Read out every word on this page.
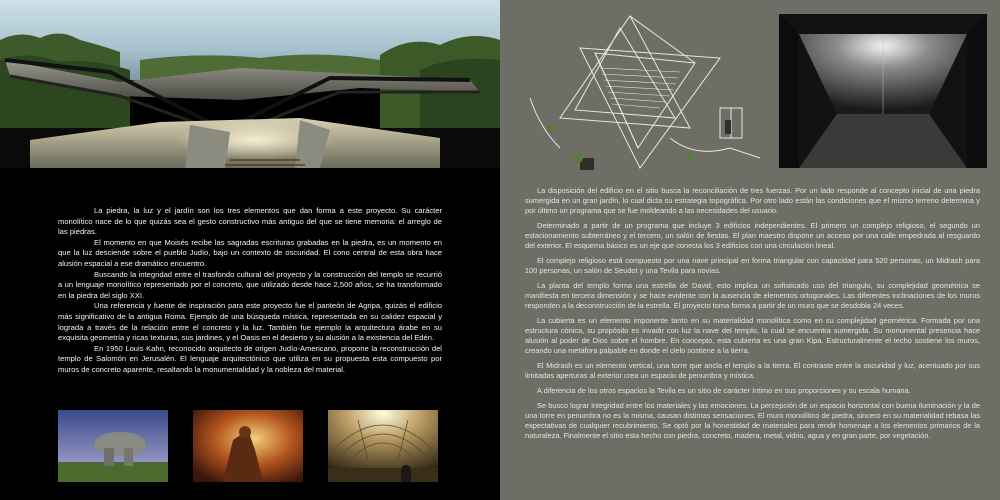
La piedra, la luz y el jardín son los tres elementos que dan forma a este proyecto. Su carácter monolítico nace de lo que quizás sea el gesto constructivo más antiguo del que se tiene memoria: el arreglo de las piedras.

El momento en que Moisés recibe las sagradas escrituras grabadas en la piedra, es un momento en que la luz desciende sobre el pueblo Judío, bajo un contexto de oscuridad. El cono central de esta obra hace alusión espacial a ese dramático encuentro.

Buscando la integridad entre el trasfondo cultural del proyecto y la construcción del templo se recurrió a un lenguaje monolítico representado por el concreto, que utilizado desde hace 2,500 años, se ha transformado en la piedra del siglo XXI.

Una referencia y fuente de inspiración para este proyecto fue el panteón de Agripa, quizás el edificio más significativo de la antigua Roma. Ejemplo de una búsqueda mística, representada en su calidez espacial y lograda a través de la relación entre el concreto y la luz. También fue ejemplo la arquitectura árabe en su exquisita geometría y ricas texturas, sus jardines, y el Oasis en el desierto y su alusión a la existencia del Edén.

En 1950 Louis Kahn, reconocido arquitecto de origen Judío-Americano, propone la reconstrucción del templo de Salomón en Jerusalén. El lenguaje arquitectónico que utiliza en su propuesta esta compuesto por muros de concreto aparente, resaltando la monumentalidad y la nobleza del material.

La disposición del edificio en el sitio busca la reconciliación de tres fuerzas. Por un lado responde al concepto inicial de una piedra sumergida en un gran jardín, lo cual dicta su estrategia topográfica. Por otro lado están las condiciones que el mismo terreno determina y por último un programa que se fue moldeando a las necesidades del usuario.

Determinado a partir de un programa que incluye 3 edificios independientes. El primero un complejo religioso, el segundo un estacionamiento subterráneo y el tercero, un salón de fiestas. El plan maestro dispone un acceso por una calle empedrada al resguardo del exterior. El esquema básico es un eje que conecta los 3 edificios con una circulación lineal.

El complejo religioso está compuesto por una nave principal en forma triangular con capacidad para 520 personas, un Midrash para 100 personas, un salón de Seudot y una Tevila para novias.

La planta del templo forma una estrella de David, esto implica un sofisticado uso del triangulo, su complejidad geométrica se manifiesta en tercera dimensión y se hace evidente con la ausencia de elementos ortogonales. Las diferentes inclinaciones de los muros responden a la deconstrucción de la estrella. El proyecto toma forma a partir de un muro que se desdobla 24 veces.

La cubierta es un elemento imponente tanto en su materialidad monolítica como en su complejidad geométrica. Formada por una estructura cónica, su propósito es invadir con luz la nave del templo, la cual se encuentra sumergida. Su monumental presencia hace alusión al poder de Dios sobre el hombre. En concepto, esta cubierta es una gran Kipa. Estructuralmente el techo sostiene los muros, creando una metáfora palpable en donde el cielo sostiene a la tierra.

El Midrash es un elemento vertical, una torre que ancla el templo a la tierra. El contraste entre la oscuridad y luz, acentuado por sus limitadas aperturas al exterior crea un espacio de penumbra y mística.

A diferencia de los otros espacios la Tevila es un sitio de carácter íntimo en sus proporciones y su escala humana.

Se busco lograr integridad entre los materiales y las emociones. La percepción de un espacio horizontal con buena iluminación y la de una torre en penumbra no es la misma, causan distintas sensaciones. El muro monolítico de piedra, sincero en su materialidad rebasa las expectativas de cualquier recubrimiento. Se optó por la honestidad de materiales para rendir homenaje a los elementos primarios de la naturaleza. Finalmente el sitio esta hecho con piedra, concreto, madera, metal, vidrio, agua y en gran parte, por vegetación.
